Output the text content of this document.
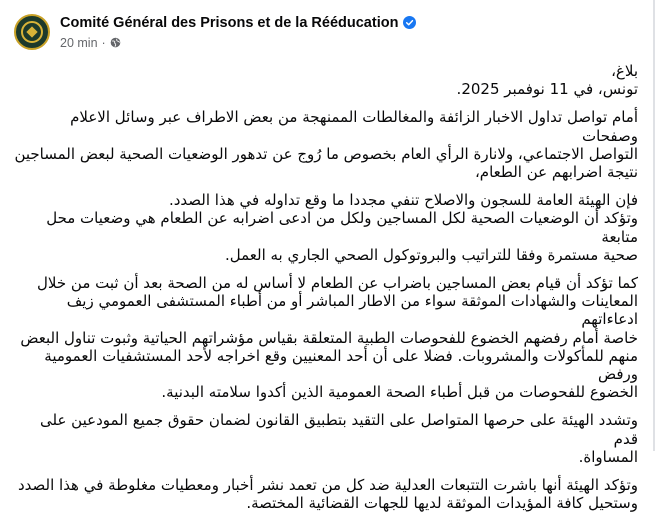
Comité Général des Prisons et de la Rééducation
20 min ·

بلاغ،
تونس، في 11 نوفمبر 2025.

أمام تواصل تداول الاخبار الزائفة والمغالطات الممنهجة من بعض الاطراف عبر وسائل الاعلام وصفحات
التواصل الاجتماعي، ولانارة الرأي العام بخصوص ما رُوج عن تدهور الوضعيات الصحية لبعض المساجين
نتيجة اضرابهم عن الطعام،

فإن الهيئة العامة للسجون والاصلاح تنفي مجددا ما وقع تداوله في هذا الصدد.
وتؤكد أن الوضعيات الصحية لكل المساجين ولكل من ادعى اضرابه عن الطعام هي وضعيات محل متابعة
صحية مستمرة وفقا للتراتيب والبروتوكول الصحي الجاري به العمل.

كما تؤكد أن قيام بعض المساجين باضراب عن الطعام لا أساس له من الصحة بعد أن ثبت من خلال
المعاينات والشهادات الموثقة سواء من الاطار المباشر أو من أطباء المستشفى العمومي زيف ادعاءاتهم
خاصة أمام رفضهم الخضوع للفحوصات الطبية المتعلقة بقياس مؤشراتهم الحياتية وثبوت تناول البعض
منهم للمأكولات والمشروبات. فضلا على أن أحد المعنيين وقع اخراجه لأحد المستشفيات العمومية ورفض
الخضوع للفحوصات من قبل أطباء الصحة العمومية الذين أكدوا سلامته البدنية.

وتشدد الهيئة على حرصها المتواصل على التقيد بتطبيق القانون لضمان حقوق جميع المودعين على قدم
المساواة.

وتؤكد الهيئة أنها باشرت التتبعات العدلية ضد كل من تعمد نشر أخبار ومعطيات مغلوطة في هذا الصدد
وستحيل كافة المؤيدات الموثقة لديها للجهات القضائية المختصة.
